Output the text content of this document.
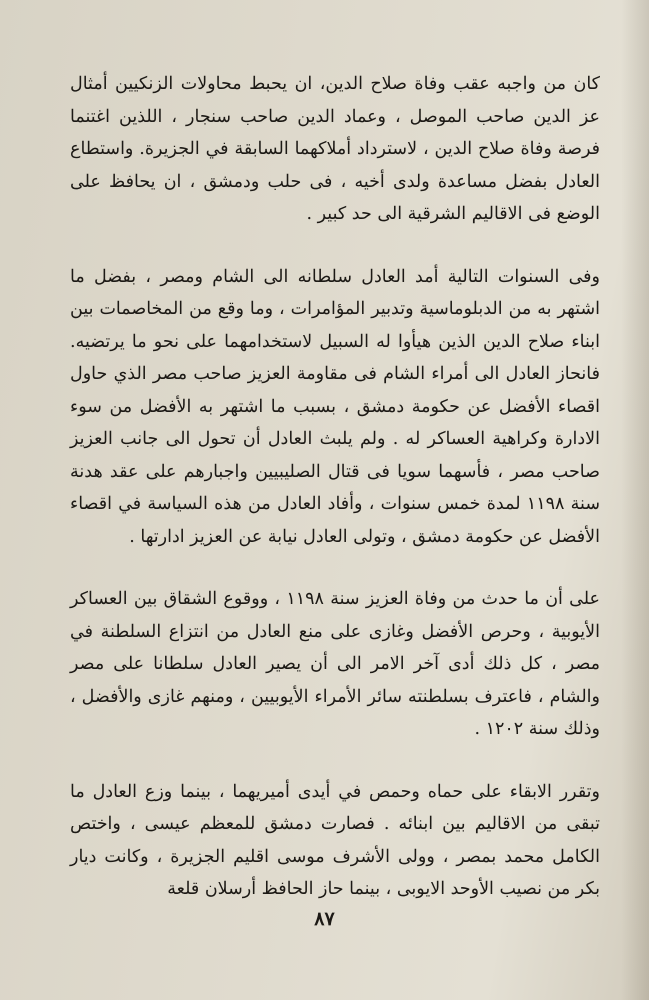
كان من واجبه عقب وفاة صلاح الدين، ان يحبط محاولات الزنكيين أمثال عز الدين صاحب الموصل ، وعماد الدين صاحب سنجار ، اللذين اغتنما فرصة وفاة صلاح الدين ، لاسترداد أملاكهما السابقة في الجزيرة. واستطاع العادل بفضل مساعدة ولدى أخيه ، فى حلب ودمشق ، ان يحافظ على الوضع فى الاقاليم الشرقية الى حد كبير .

وفى السنوات التالية أمد العادل سلطانه الى الشام ومصر ، بفضل ما اشتهر به من الدبلوماسية وتدبير المؤامرات ، وما وقع من المخاصمات بين ابناء صلاح الدين الذين هيأوا له السبيل لاستخدامهما على نحو ما يرتضيه. فانحاز العادل الى أمراء الشام فى مقاومة العزيز صاحب مصر الذي حاول اقصاء الأفضل عن حكومة دمشق ، بسبب ما اشتهر به الأفضل من سوء الادارة وكراهية العساكر له . ولم يلبث العادل أن تحول الى جانب العزيز صاحب مصر ، فأسهما سويا فى قتال الصليبيين واجبارهم على عقد هدنة سنة ١١٩٨ لمدة خمس سنوات ، وأفاد العادل من هذه السياسة في اقصاء الأفضل عن حكومة دمشق ، وتولى العادل نيابة عن العزيز ادارتها .

على أن ما حدث من وفاة العزيز سنة ١١٩٨ ، ووقوع الشقاق بين العساكر الأيوبية ، وحرص الأفضل وغازى على منع العادل من انتزاع السلطنة في مصر ، كل ذلك أدى آخر الامر الى أن يصير العادل سلطانا على مصر والشام ، فاعترف بسلطنته سائر الأمراء الأيوبيين ، ومنهم غازى والأفضل ، وذلك سنة ١٢٠٢ .

وتقرر الابقاء على حماه وحمص في أيدى أميريهما ، بينما وزع العادل ما تبقى من الاقاليم بين ابنائه . فصارت دمشق للمعظم عيسى ، واختص الكامل محمد بمصر ، وولى الأشرف موسى اقليم الجزيرة ، وكانت ديار بكر من نصيب الأوحد الايوبى ، بينما حاز الحافظ أرسلان قلعة

٨٧
